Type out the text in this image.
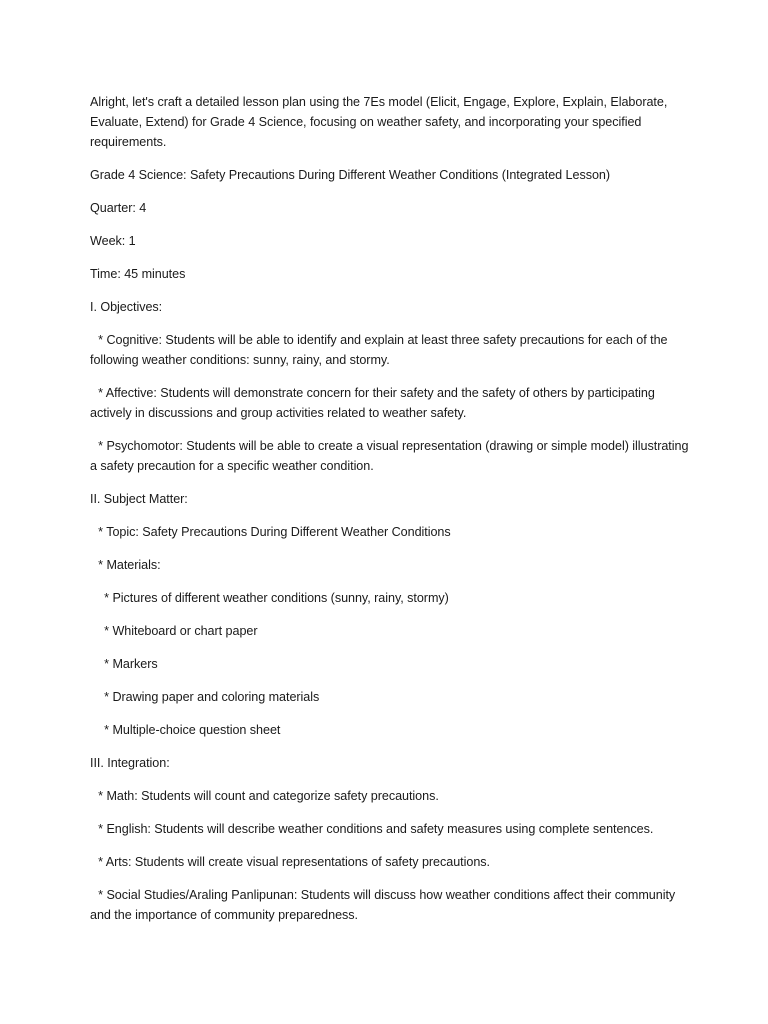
Alright, let's craft a detailed lesson plan using the 7Es model (Elicit, Engage, Explore, Explain, Elaborate, Evaluate, Extend) for Grade 4 Science, focusing on weather safety, and incorporating your specified requirements.

Grade 4 Science: Safety Precautions During Different Weather Conditions (Integrated Lesson)

Quarter: 4

Week: 1

Time: 45 minutes

I. Objectives:

* Cognitive: Students will be able to identify and explain at least three safety precautions for each of the following weather conditions: sunny, rainy, and stormy.

* Affective: Students will demonstrate concern for their safety and the safety of others by participating actively in discussions and group activities related to weather safety.

* Psychomotor: Students will be able to create a visual representation (drawing or simple model) illustrating a safety precaution for a specific weather condition.

II. Subject Matter:

* Topic: Safety Precautions During Different Weather Conditions

* Materials:

* Pictures of different weather conditions (sunny, rainy, stormy)

* Whiteboard or chart paper

* Markers

* Drawing paper and coloring materials

* Multiple-choice question sheet

III. Integration:

* Math: Students will count and categorize safety precautions.

* English: Students will describe weather conditions and safety measures using complete sentences.

* Arts: Students will create visual representations of safety precautions.

* Social Studies/Araling Panlipunan: Students will discuss how weather conditions affect their community and the importance of community preparedness.
